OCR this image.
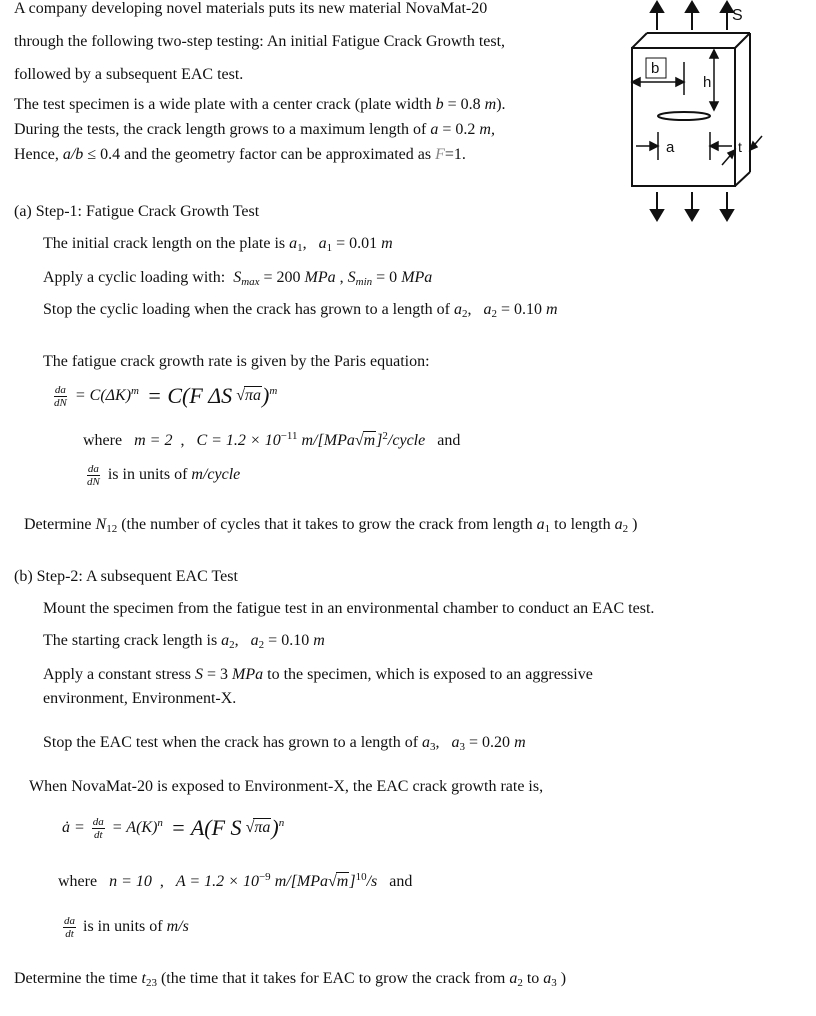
A company developing novel materials puts its new material NovaMat-20
through the following two-step testing: An initial Fatigue Crack Growth test,
followed by a subsequent EAC test.
The test specimen is a wide plate with a center crack (plate width b = 0.8 m).
During the tests, the crack length grows to a maximum length of a = 0.2 m,
Hence, a/b ≤ 0.4 and the geometry factor can be approximated as F=1.
S
b
h
a	t
(a) Step-1: Fatigue Crack Growth Test
The initial crack length on the plate is $a_1$,   $a_1 = 0.01$ m
Apply a cyclic loading with: $S_{max} = 200$ MPa , $S_{min} = 0$ MPa
Stop the cyclic loading when the crack has grown to a length of $a_2$,   $a_2 = 0.10$ m
The fatigue crack growth rate is given by the Paris equation:
$\frac{da}{dN} = C(\Delta K)^m = C(F$ ΔS √πa)$^m$
where m = 2 , $C = 1.2 \times 10^{-11}$ $m/[MPa√m]^2$/cycle and
$\frac{da}{dN}$ is in units of m/cycle
Determine $N_{12}$ (the number of cycles that it takes to grow the crack from length $a_1$ to length $a_2$ )
(b) Step-2: A subsequent EAC Test
Mount the specimen from the fatigue test in an environmental chamber to conduct an EAC test.
The starting crack length is $a_2$,   $a_2 = 0.10$ m
Apply a constant stress S = 3 MPa to the specimen, which is exposed to an aggressive
environment, Environment-X.
Stop the EAC test when the crack has grown to a length of $a_3$,   $a_3 = 0.20$ m
When NovaMat-20 is exposed to Environment-X, the EAC crack growth rate is,
ȧ = $\frac{da}{dt} = A(K)^n = A(F$ S √πa)$^n$
where n = 10 , $A = 1.2 \times 10^{-9}$ $m/[MPa√m]^{10}/s$ and
$\frac{da}{dt}$ is in units of m/s
Determine the time $t_{23}$ (the time that it takes for EAC to grow the crack from $a_2$ to $a_3$ )
